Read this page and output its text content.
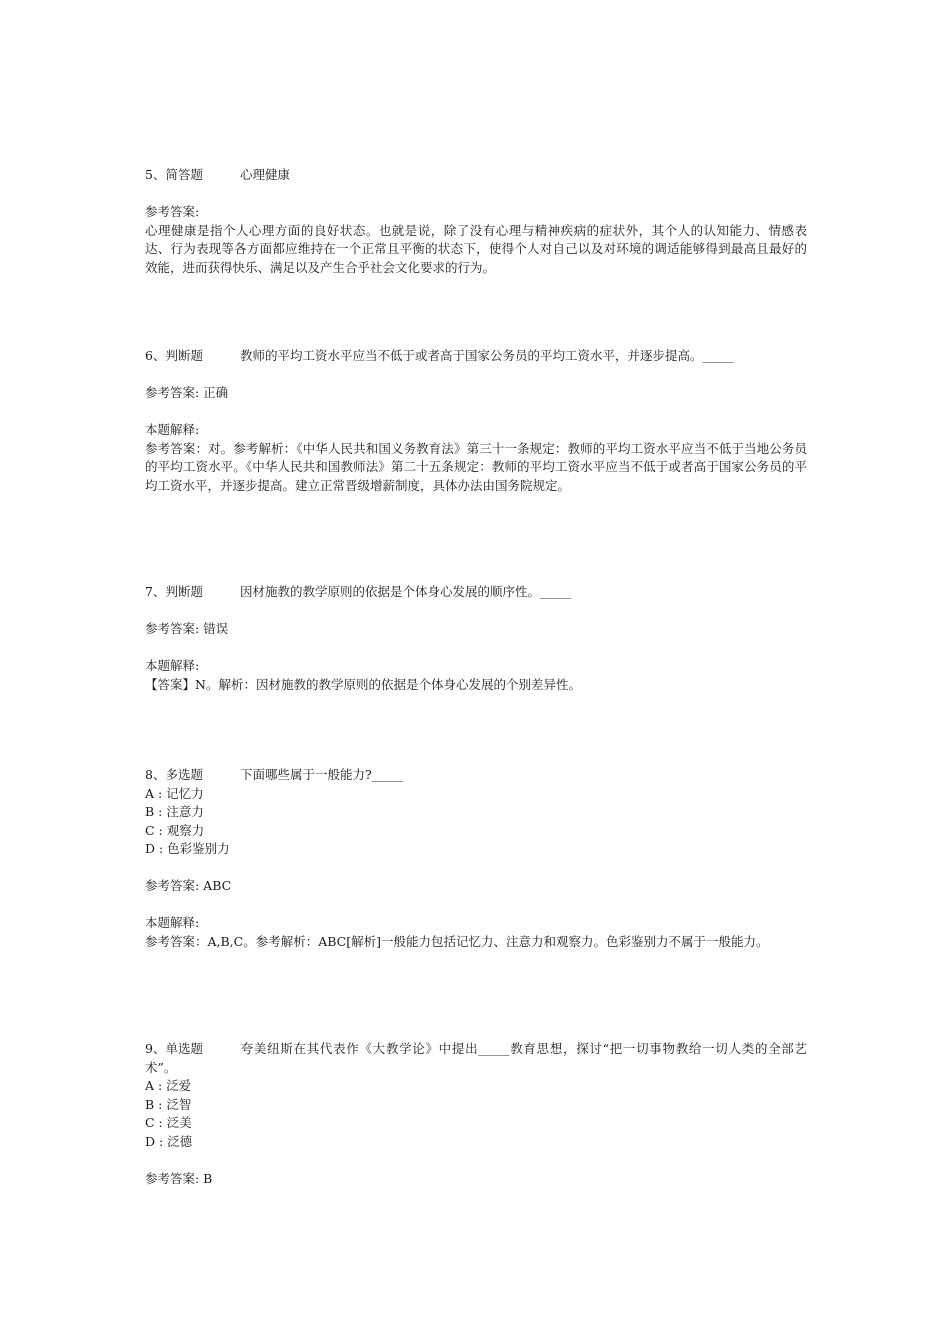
5、简答题	心理健康
参考答案:
心理健康是指个人心理方面的良好状态。也就是说，除了没有心理与精神疾病的症状外，其个人的认知能力、情感表达、行为表现等各方面都应维持在一个正常且平衡的状态下，使得个人对自己以及对环境的调适能够得到最高且最好的效能，进而获得快乐、满足以及产生合乎社会文化要求的行为。
6、判断题	教师的平均工资水平应当不低于或者高于国家公务员的平均工资水平，并逐步提高。_____
参考答案: 正确
本题解释:
参考答案：对。参考解析：《中华人民共和国义务教育法》第三十一条规定：教师的平均工资水平应当不低于当地公务员的平均工资水平。《中华人民共和国教师法》第二十五条规定：教师的平均工资水平应当不低于或者高于国家公务员的平均工资水平，并逐步提高。建立正常晋级增薪制度，具体办法由国务院规定。
7、判断题	因材施教的教学原则的依据是个体身心发展的顺序性。_____
参考答案: 错误
本题解释:
【答案】N。解析：因材施教的教学原则的依据是个体身心发展的个别差异性。
8、多选题	下面哪些属于一般能力?_____
A : 记忆力
B : 注意力
C : 观察力
D : 色彩鉴别力
参考答案: ABC
本题解释:
参考答案：A,B,C。参考解析：ABC[解析]一般能力包括记忆力、注意力和观察力。色彩鉴别力不属于一般能力。
9、单选题	夸美纽斯在其代表作《大教学论》中提出_____教育思想，探讨“把一切事物教给一切人类的全部艺术”。
A : 泛爱
B : 泛智
C : 泛美
D : 泛德
参考答案: B
